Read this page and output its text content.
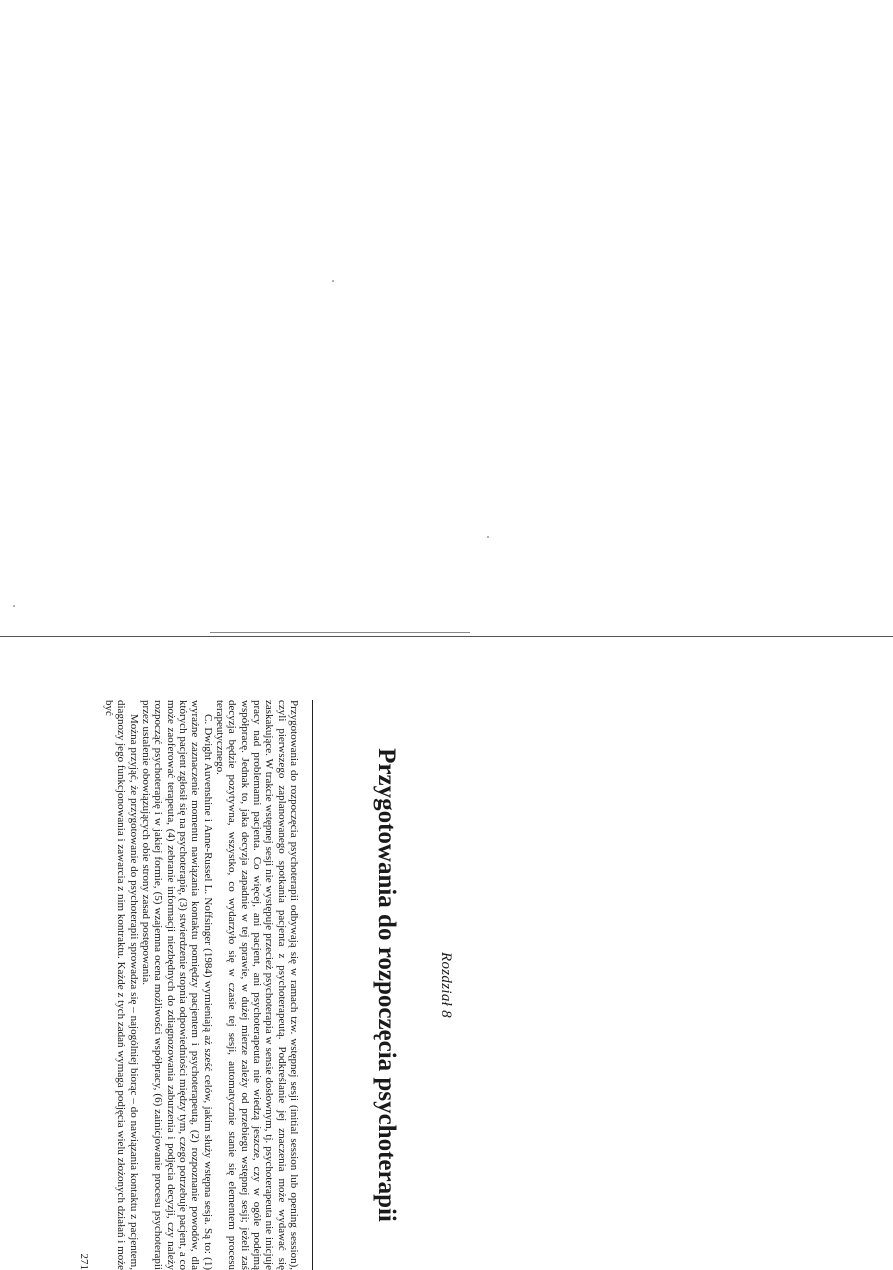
Rozdział 8
Przygotowania do rozpoczęcia psychoterapii

Przygotowania do rozpoczęcia psychoterapii odbywają się w ramach tzw. wstępnej sesji (initial session lub opening session), czyli pierwszego zaplanowanego spotkania pacjenta z psychoterapeutą. Podkreślanie jej znaczenia może wydawać się zaskakujące. W trakcie wstępnej sesji nie występuje przecież psychoterapia w sensie dosłownym, tj. psychoterapeuta nie inicjuje pracy nad problemami pacjenta. Co więcej, ani pacjent, ani psychoterapeuta nie wiedzą jeszcze, czy w ogóle podejmą współpracę. Jednak to, jaka decyzja zapadnie w tej sprawie, w dużej mierze zależy od przebiegu wstępnej sesji; jeżeli zaś decyzja będzie pozytywna, wszystko, co wydarzyło się w czasie tej sesji, automatycznie stanie się elementem procesu terapeutycznego.

C. Dwight Auvenshine i Anne-Russel L. Noffsinger (1984) wymieniają aż sześć celów, jakim służy wstępna sesja. Są to: (1) wyraźne zaznaczenie momentu nawiązania kontaktu pomiędzy pacjentem i psychoterapeutą, (2) rozpoznanie powodów, dla których pacjent zgłosił się na psychoterapię, (3) stwierdzenie stopnia odpowiedniości między tym, czego potrzebuje pacjent, a co może zaoferować terapeuta, (4) zebranie informacji niezbędnych do zdiagnozowania zaburzenia i podjęcia decyzji, czy należy rozpocząć psychoterapię i w jakiej formie, (5) wzajemna ocena możliwości współpracy, (6) zainicjowanie procesu psychoterapii przez ustalenie obowiązujących obie strony zasad postępowania.

Można przyjąć, że przygotowanie do psychoterapii sprowadza się – najogólniej biorąc – do nawiązania kontaktu z pacjentem, diagnozy jego funkcjonowania i zawarcia z nim kontraktu. Każde z tych zadań wymaga podjęcia wielu złożonych działań i może być

271
